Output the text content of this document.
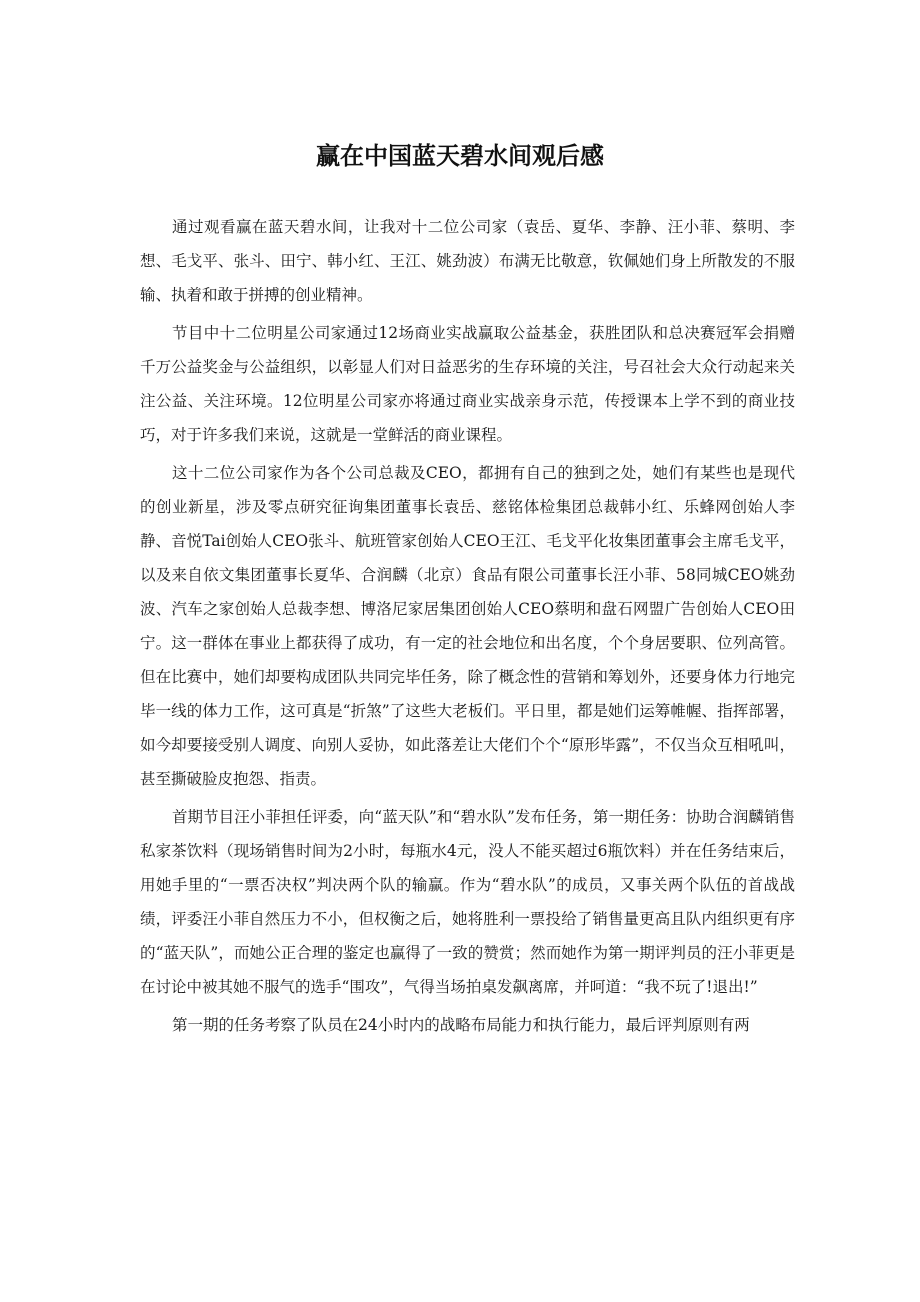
赢在中国蓝天碧水间观后感

通过观看赢在蓝天碧水间，让我对十二位公司家（袁岳、夏华、李静、汪小菲、蔡明、李想、毛戈平、张斗、田宁、韩小红、王江、姚劲波）布满无比敬意，钦佩她们身上所散发的不服输、执着和敢于拼搏的创业精神。

节目中十二位明星公司家通过12场商业实战赢取公益基金，获胜团队和总决赛冠军会捐赠千万公益奖金与公益组织，以彰显人们对日益恶劣的生存环境的关注，号召社会大众行动起来关注公益、关注环境。12位明星公司家亦将通过商业实战亲身示范，传授课本上学不到的商业技巧，对于许多我们来说，这就是一堂鲜活的商业课程。

这十二位公司家作为各个公司总裁及CEO，都拥有自己的独到之处，她们有某些也是现代的创业新星，涉及零点研究征询集团董事长袁岳、慈铭体检集团总裁韩小红、乐蜂网创始人李静、音悦Tai创始人CEO张斗、航班管家创始人CEO王江、毛戈平化妆集团董事会主席毛戈平，以及来自依文集团董事长夏华、合润麟（北京）食品有限公司董事长汪小菲、58同城CEO姚劲波、汽车之家创始人总裁李想、博洛尼家居集团创始人CEO蔡明和盘石网盟广告创始人CEO田宁。这一群体在事业上都获得了成功，有一定的社会地位和出名度，个个身居要职、位列高管。但在比赛中，她们却要构成团队共同完毕任务，除了概念性的营销和筹划外，还要身体力行地完毕一线的体力工作，这可真是“折煞”了这些大老板们。平日里，都是她们运筹帷幄、指挥部署，如今却要接受别人调度、向别人妥协，如此落差让大佬们个个“原形毕露”，不仅当众互相吼叫，甚至撕破脸皮抱怨、指责。

首期节目汪小菲担任评委，向“蓝天队”和“碧水队”发布任务，第一期任务：协助合润麟销售私家茶饮料（现场销售时间为2小时，每瓶水4元，没人不能买超过6瓶饮料）并在任务结束后，用她手里的“一票否决权”判决两个队的输赢。作为“碧水队”的成员，又事关两个队伍的首战战绩，评委汪小菲自然压力不小，但权衡之后，她将胜利一票投给了销售量更高且队内组织更有序的“蓝天队”，而她公正合理的鉴定也赢得了一致的赞赏；然而她作为第一期评判员的汪小菲更是在讨论中被其她不服气的选手“围攻”，气得当场拍桌发飙离席，并呵道：“我不玩了!退出!”

第一期的任务考察了队员在24小时内的战略布局能力和执行能力，最后评判原则有两
